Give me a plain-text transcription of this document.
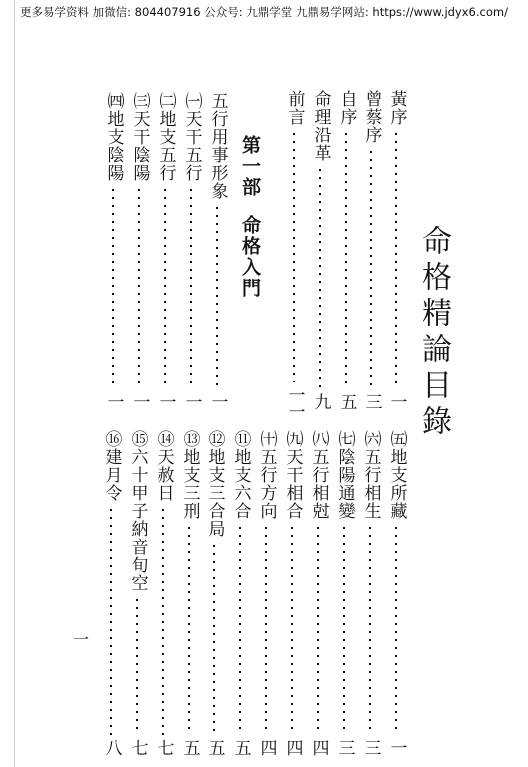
更多易学资料 加微信: 804407916 公众号: 九鼎学堂 九鼎易学网站: https://www.jdyx6.com/
命格精論目錄
黃序
一
曾蔡序
三
自序
五
命理沿革
九
前言
一一
第一部
命格入門
五行用事形象
一
㈠天干五行
一
㈡地支五行
一
㈢天干陰陽
一
㈣地支陰陽
一
㈤地支所藏
一
㈥五行相生
三
㈦陰陽通變
三
㈧五行相尅
四
㈨天干相合
四
㈩五行方向
四
⑪地支六合
五
⑫地支三合局
五
⑬地支三刑
五
⑭天赦日
七
⑮六十甲子納音旬空
七
⑯建月令
八
一
